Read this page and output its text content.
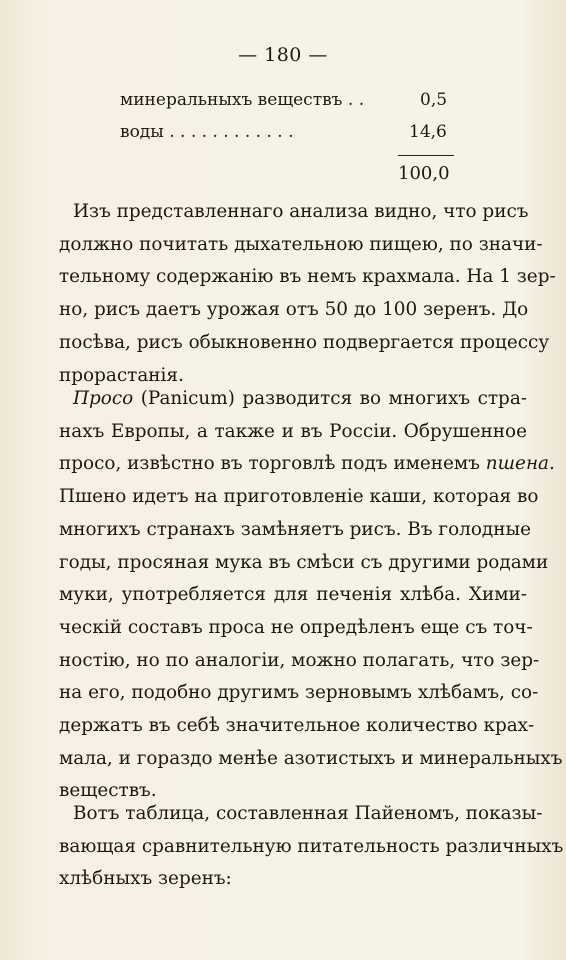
— 180 —

минеральныхъ веществъ . .

	0,5

воды . . . . . . . . . . . .

	14,6

100,0

Изъ представленнаго анализа видно, что рисъ
должно почитать дыхательною пищею, по значи-
тельному содержанію въ немъ крахмала. На 1 зер-
но, рисъ даетъ урожая отъ 50 до 100 зеренъ. До
посѣва, рисъ обыкновенно подвергается процессу
прорастанія.
Просо (Panicum) разводится во многихъ стра-
нахъ Европы, а также и въ Россіи. Обрушенное
просо, извѣстно въ торговлѣ подъ именемъ пшена.
Пшено идетъ на приготовленіе каши, которая во
многихъ странахъ замѣняетъ рисъ. Въ голодные
годы, просяная мука въ смѣси съ другими родами
муки, употребляется для печенія хлѣба. Хими-
ческій составъ проса не опредѣленъ еще съ точ-
ностію, но по аналогіи, можно полагать, что зер-
на его, подобно другимъ зерновымъ хлѣбамъ, со-
держатъ въ себѣ значительное количество крах-
мала, и гораздо менѣе азотистыхъ и минеральныхъ
веществъ.
Вотъ таблица, составленная Пайеномъ, показы-
вающая сравнительную питательность различныхъ
хлѣбныхъ зеренъ:
